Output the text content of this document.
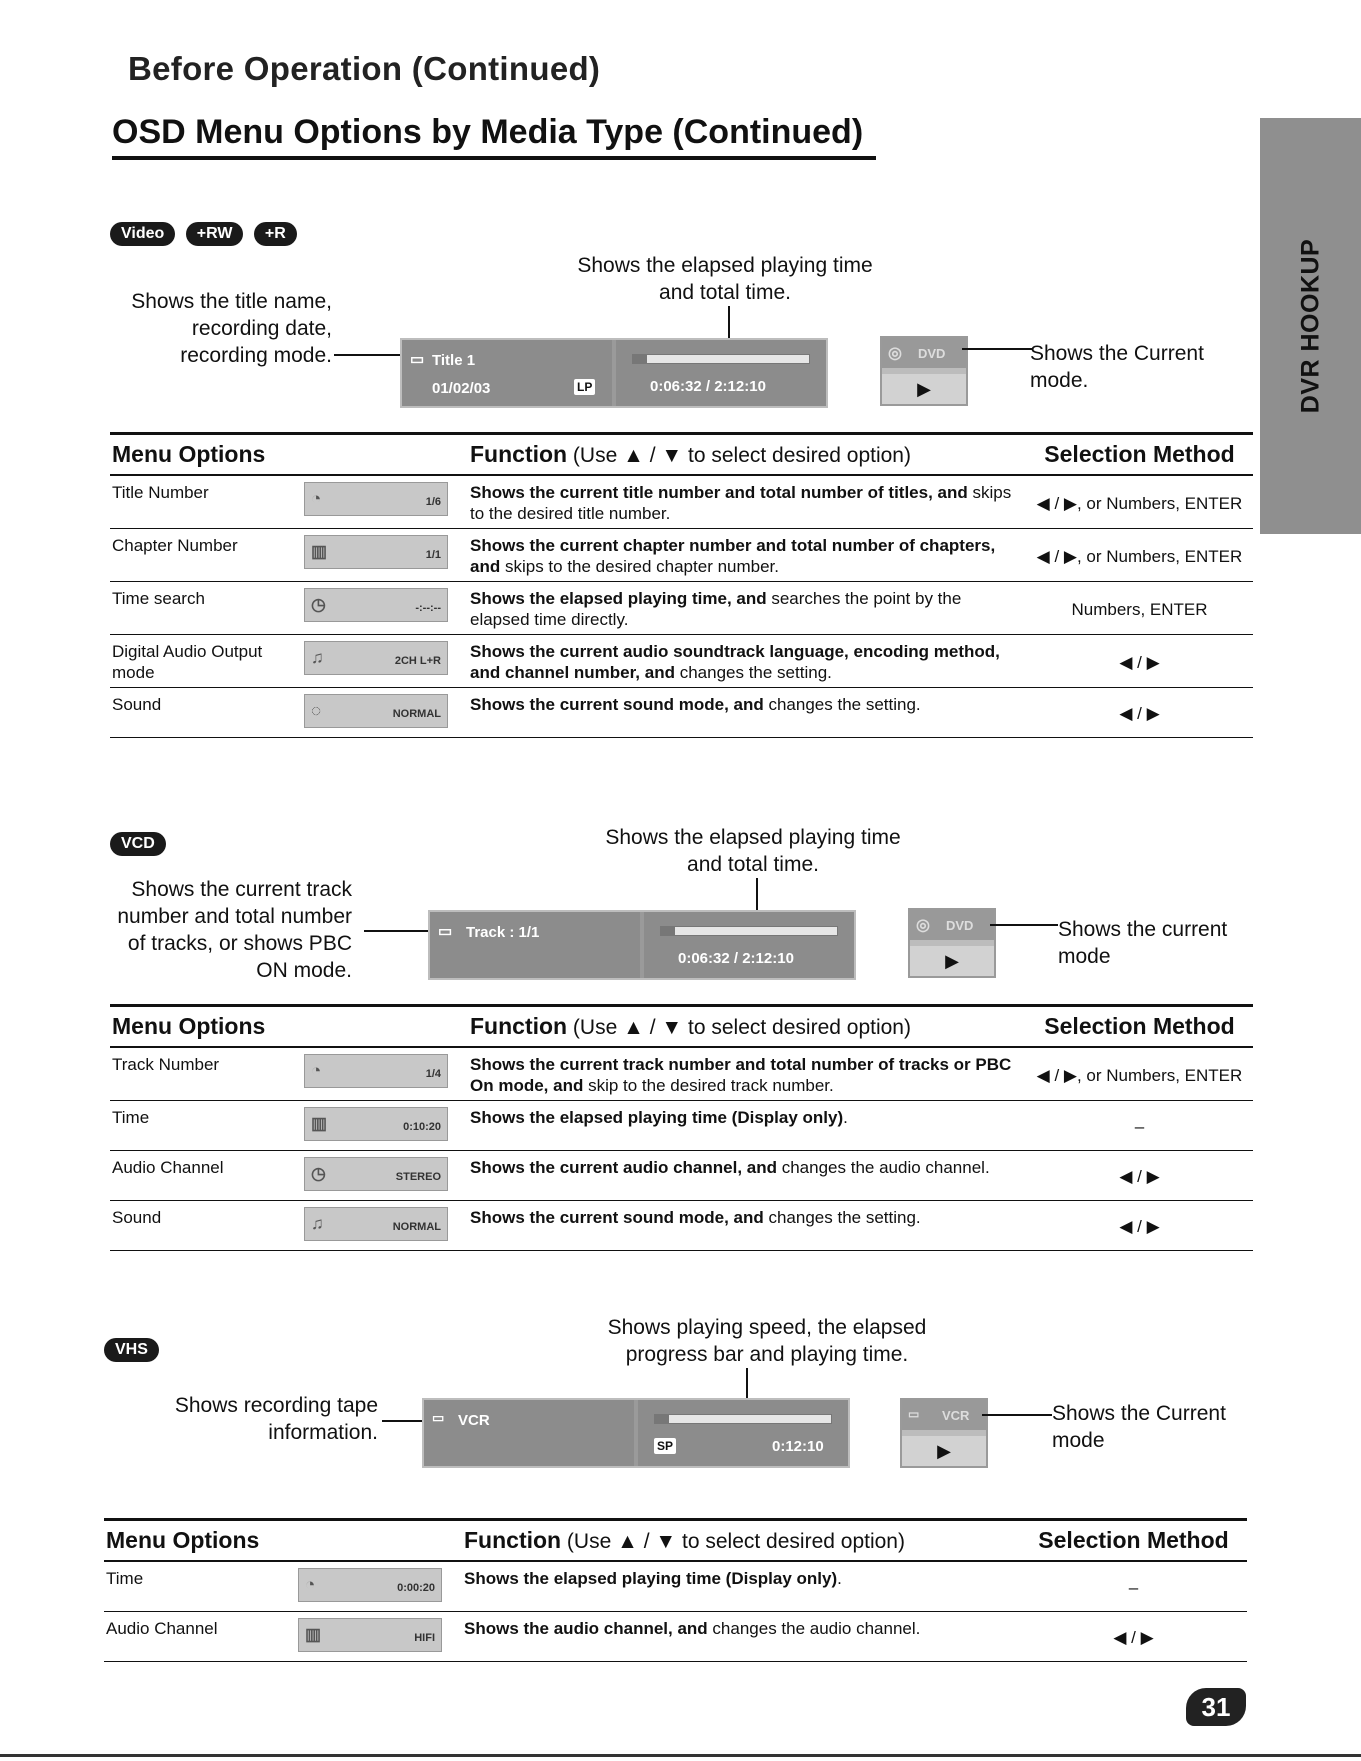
Before Operation (Continued)
OSD Menu Options by Media Type (Continued)
DVR HOOKUP
Video +RW +R
Shows the title name, recording date, recording mode.
Shows the elapsed playing time and total time.
▭ Title 1
01/02/03	LP	0:06:32 / 2:12:10
◎ DVD
▶
Shows the Current mode.
Menu Options		Function (Use ▲ / ▼ to select desired option)	Selection Method
Title Number	◔ 1/6	Shows the current title number and total number of titles, and skips to the desired title number.	◀ / ▶, or Numbers, ENTER
Chapter Number	▥ 1/1	Shows the current chapter number and total number of chapters, and skips to the desired chapter number.	◀ / ▶, or Numbers, ENTER
Time search	◷ -:--:--	Shows the elapsed playing time, and searches the point by the elapsed time directly.	Numbers, ENTER
Digital Audio Output mode	♫ 2CH L+R	Shows the current audio soundtrack language, encoding method, and channel number, and changes the setting.	◀ / ▶
Sound	◌ NORMAL	Shows the current sound mode, and changes the setting.	◀ / ▶
VCD
Shows the current track number and total number of tracks, or shows PBC ON mode.
Shows the elapsed playing time and total time.
▭ Track : 1/1
0:06:32 / 2:12:10
◎ DVD
▶
Shows the current mode
Menu Options		Function (Use ▲ / ▼ to select desired option)	Selection Method
Track Number	◔ 1/4	Shows the current track number and total number of tracks or PBC On mode, and skip to the desired track number.	◀ / ▶, or Numbers, ENTER
Time	▥ 0:10:20	Shows the elapsed playing time (Display only).	–
Audio Channel	◷ STEREO	Shows the current audio channel, and changes the audio channel.	◀ / ▶
Sound	♫ NORMAL	Shows the current sound mode, and changes the setting.	◀ / ▶
VHS
Shows recording tape information.
Shows playing speed, the elapsed progress bar and playing time.
▭ VCR
SP	0:12:10
▭ VCR
▶
Shows the Current mode
Menu Options		Function (Use ▲ / ▼ to select desired option)	Selection Method
Time	◔ 0:00:20	Shows the elapsed playing time (Display only).	–
Audio Channel	▥ HIFI	Shows the audio channel, and changes the audio channel.	◀ / ▶
31
